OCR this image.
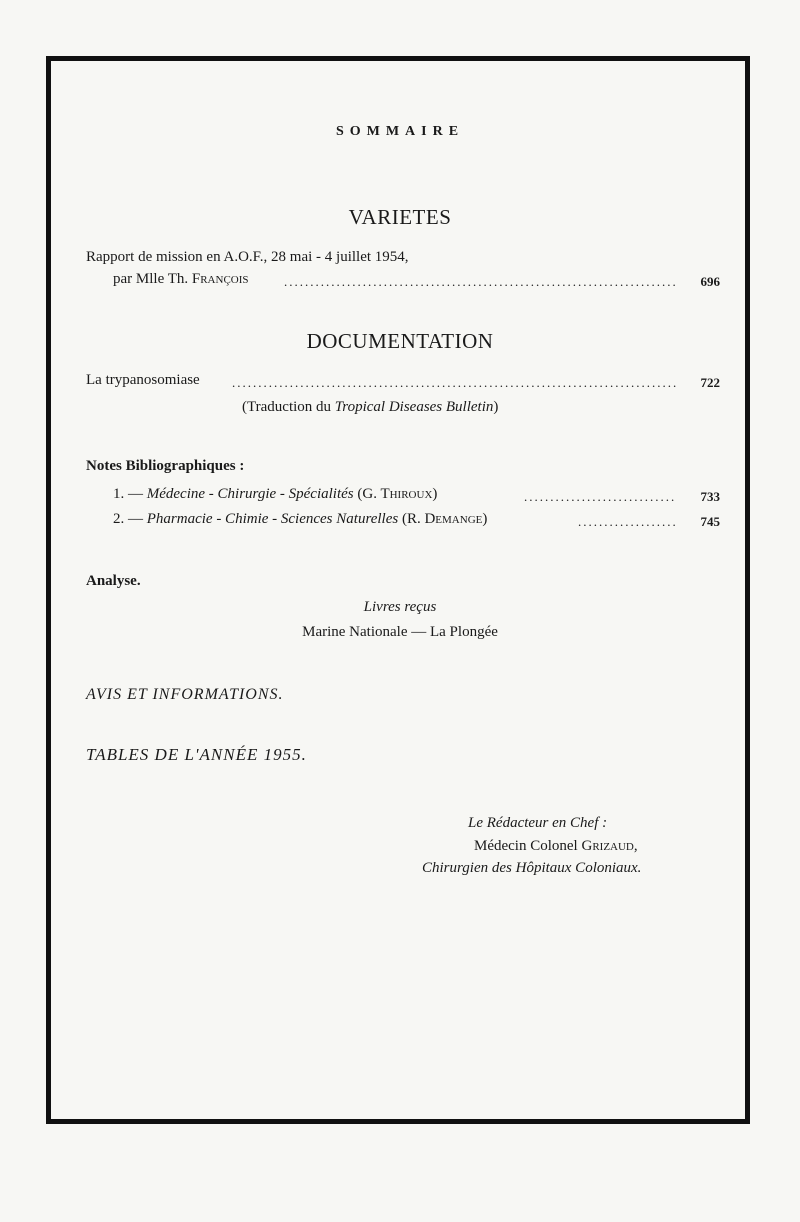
SOMMAIRE
VARIETES
Rapport de mission en A.O.F., 28 mai - 4 juillet 1954,
par Mlle Th. François .....	696
DOCUMENTATION
La trypanosomiase .....	722
(Traduction du Tropical Diseases Bulletin)
Notes Bibliographiques :
1. — Médecine - Chirurgie - Spécialités (G. Thiroux) .....	733
2. — Pharmacie - Chimie - Sciences Naturelles (R. Demange) .....	745
Analyse.
Livres reçus
Marine Nationale — La Plongée
AVIS ET INFORMATIONS.
TABLES DE L'ANNÉE 1955.
Le Rédacteur en Chef :
Médecin Colonel Grizaud,
Chirurgien des Hôpitaux Coloniaux.
